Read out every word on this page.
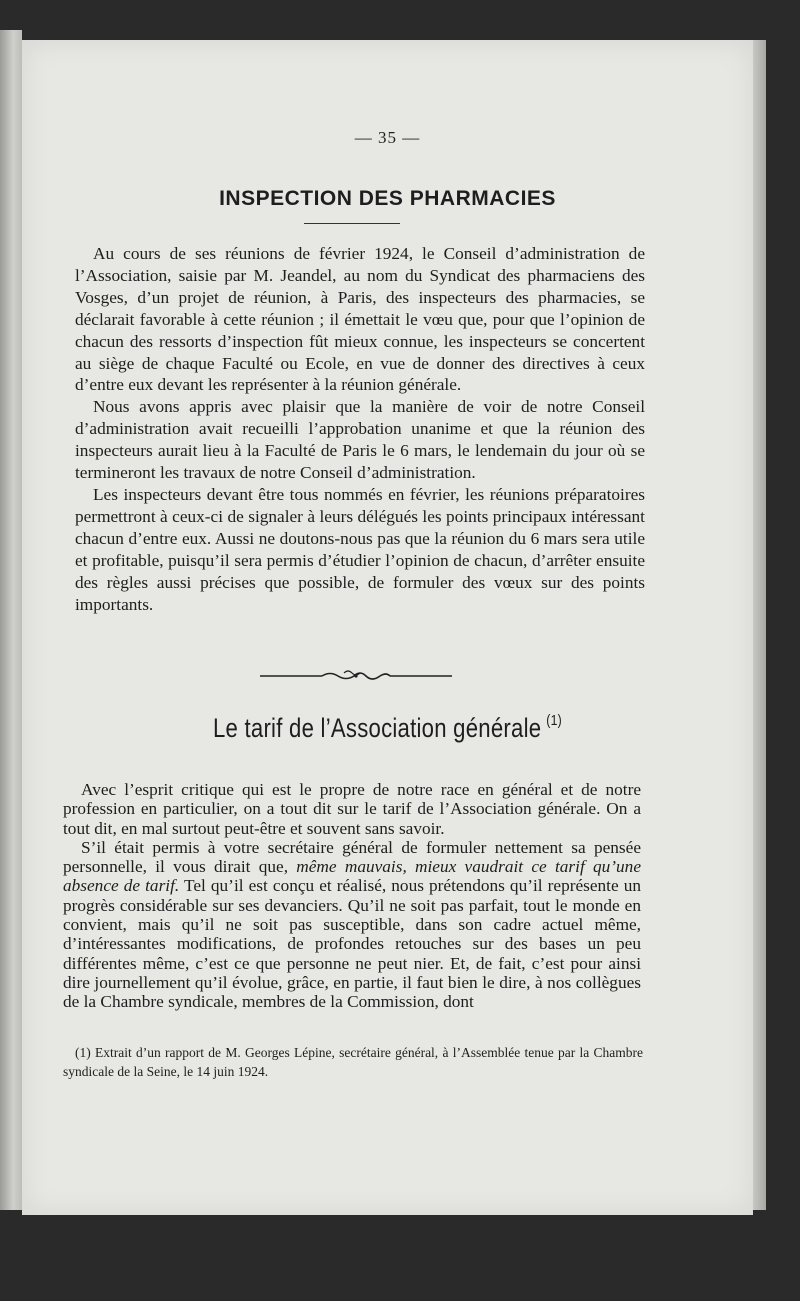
— 35 —
INSPECTION DES PHARMACIES

Au cours de ses réunions de février 1924, le Conseil d’administration de l’Association, saisie par M. Jeandel, au nom du Syndicat des pharmaciens des Vosges, d’un projet de réunion, à Paris, des inspecteurs des pharmacies, se déclarait favorable à cette réunion ; il émettait le vœu que, pour que l’opinion de chacun des ressorts d’inspection fût mieux connue, les inspecteurs se concertent au siège de chaque Faculté ou Ecole, en vue de donner des directives à ceux d’entre eux devant les représenter à la réunion générale.

Nous avons appris avec plaisir que la manière de voir de notre Conseil d’administration avait recueilli l’approbation unanime et que la réunion des inspecteurs aurait lieu à la Faculté de Paris le 6 mars, le lendemain du jour où se termineront les travaux de notre Conseil d’administration.

Les inspecteurs devant être tous nommés en février, les réunions préparatoires permettront à ceux-ci de signaler à leurs délégués les points principaux intéressant chacun d’entre eux. Aussi ne doutons-nous pas que la réunion du 6 mars sera utile et profitable, puisqu’il sera permis d’étudier l’opinion de chacun, d’arrêter ensuite des règles aussi précises que possible, de formuler des vœux sur des points importants.

Le tarif de l’Association générale $^{(1)}$

Avec l’esprit critique qui est le propre de notre race en général et de notre profession en particulier, on a tout dit sur le tarif de l’Association générale. On a tout dit, en mal surtout peut-être et souvent sans savoir.

S’il était permis à votre secrétaire général de formuler nettement sa pensée personnelle, il vous dirait que, même mauvais, mieux vaudrait ce tarif qu’une absence de tarif. Tel qu’il est conçu et réalisé, nous prétendons qu’il représente un progrès considérable sur ses devanciers. Qu’il ne soit pas parfait, tout le monde en convient, mais qu’il ne soit pas susceptible, dans son cadre actuel même, d’intéressantes modifications, de profondes retouches sur des bases un peu différentes même, c’est ce que personne ne peut nier. Et, de fait, c’est pour ainsi dire journellement qu’il évolue, grâce, en partie, il faut bien le dire, à nos collègues de la Chambre syndicale, membres de la Commission, dont

(1) Extrait d’un rapport de M. Georges Lépine, secrétaire général, à l’Assemblée tenue par la Chambre syndicale de la Seine, le 14 juin 1924.
